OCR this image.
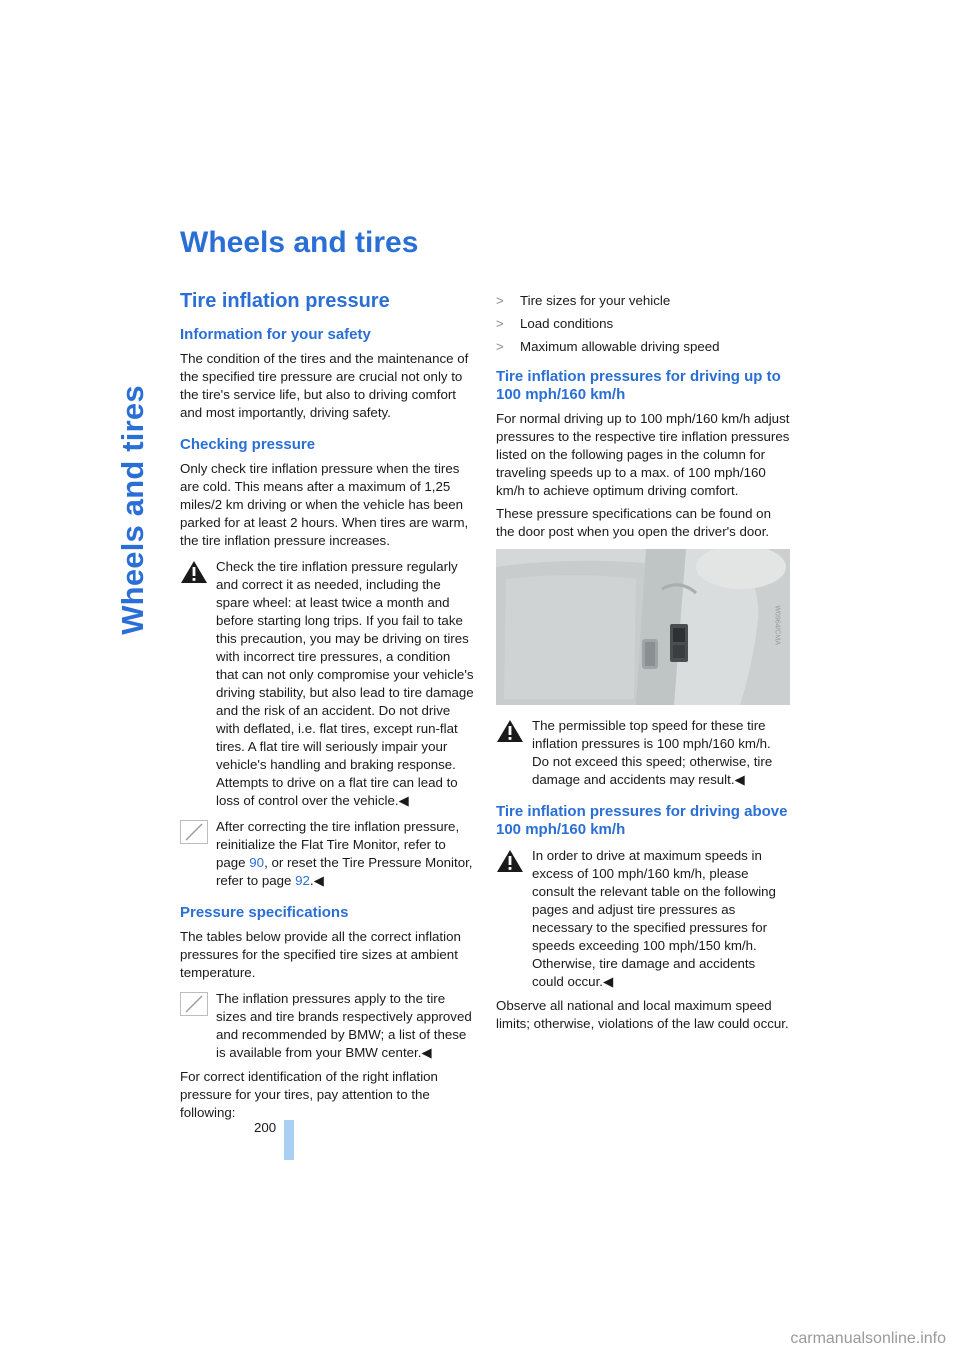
Wheels and tires
Wheels and tires
Tire inflation pressure
Information for your safety

The condition of the tires and the maintenance of the specified tire pressure are crucial not only to the tire's service life, but also to driving comfort and most importantly, driving safety.

Checking pressure

Only check tire inflation pressure when the tires are cold. This means after a maximum of 1,25 miles/2 km driving or when the vehicle has been parked for at least 2 hours. When tires are warm, the tire inflation pressure increases.

Check the tire inflation pressure regularly and correct it as needed, including the spare wheel: at least twice a month and before starting long trips. If you fail to take this precaution, you may be driving on tires with incorrect tire pressures, a condition that can not only compromise your vehicle's driving stability, but also lead to tire damage and the risk of an accident. Do not drive with deflated, i.e. flat tires, except run-flat tires. A flat tire will seriously impair your vehicle's handling and braking response. Attempts to drive on a flat tire can lead to loss of control over the vehicle.◀
After correcting the tire inflation pressure, reinitialize the Flat Tire Monitor, refer to page 90, or reset the Tire Pressure Monitor, refer to page 92.◀
Pressure specifications

The tables below provide all the correct inflation pressures for the specified tire sizes at ambient temperature.

The inflation pressures apply to the tire sizes and tire brands respectively approved and recommended by BMW; a list of these is available from your BMW center.◀

For correct identification of the right inflation pressure for your tires, pay attention to the following:

> Tire sizes for your vehicle
> Load conditions
> Maximum allowable driving speed
Tire inflation pressures for driving up to 100 mph/160 km/h

For normal driving up to 100 mph/160 km/h adjust pressures to the respective tire inflation pressures listed on the following pages in the column for traveling speeds up to a max. of 100 mph/160 km/h to achieve optimum driving comfort.

These pressure specifications can be found on the door post when you open the driver's door.

W0964/CMA
The permissible top speed for these tire inflation pressures is 100 mph/160 km/h. Do not exceed this speed; otherwise, tire damage and accidents may result.◀
Tire inflation pressures for driving above 100 mph/160 km/h
In order to drive at maximum speeds in excess of 100 mph/160 km/h, please consult the relevant table on the following pages and adjust tire pressures as necessary to the specified pressures for speeds exceeding 100 mph/150 km/h. Otherwise, tire damage and accidents could occur.◀

Observe all national and local maximum speed limits; otherwise, violations of the law could occur.

200
carmanualsonline.info
